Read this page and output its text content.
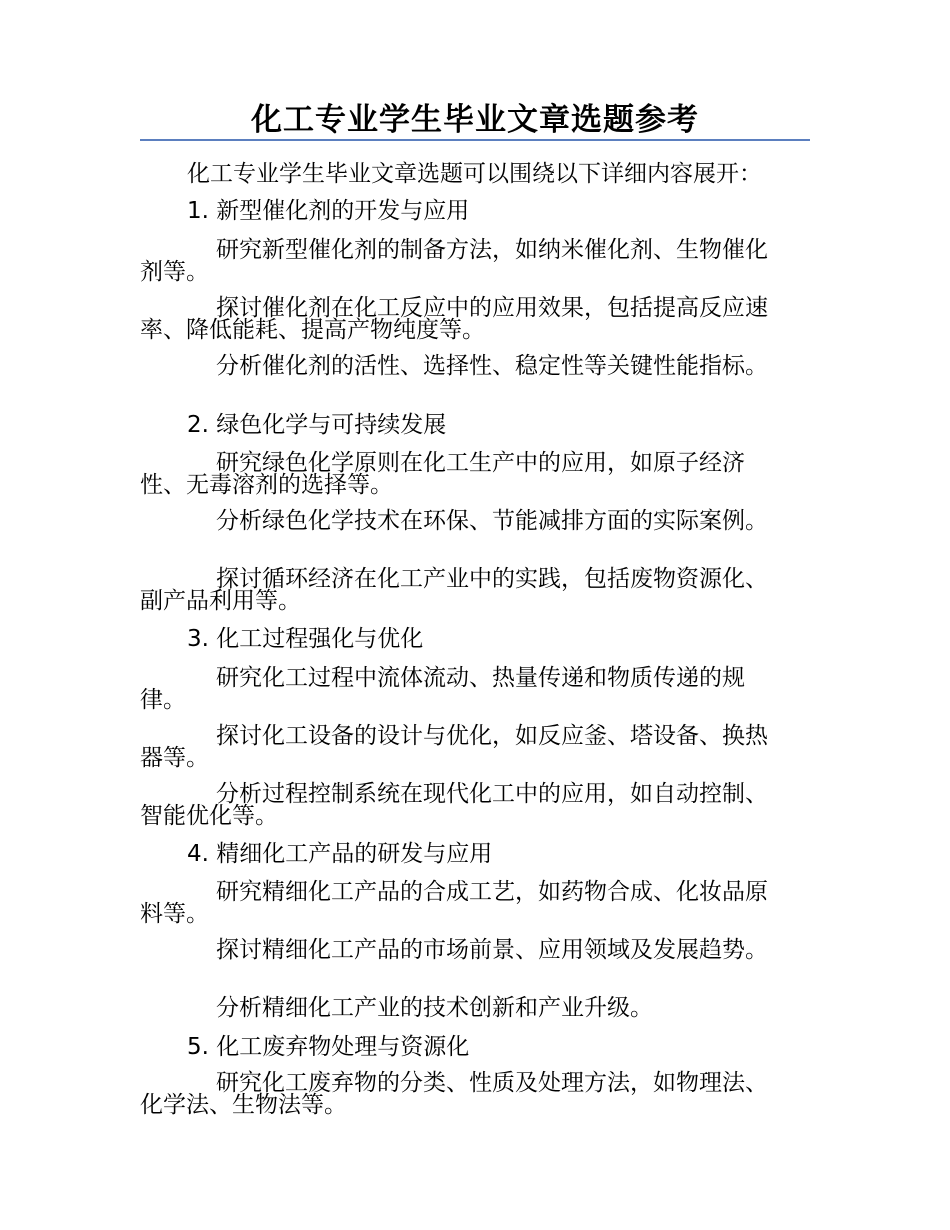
化工专业学生毕业文章选题参考
化工专业学生毕业文章选题可以围绕以下详细内容展开：
1. 新型催化剂的开发与应用
研究新型催化剂的制备方法，如纳米催化剂、生物催化剂等。
探讨催化剂在化工反应中的应用效果，包括提高反应速率、降低能耗、提高产物纯度等。
分析催化剂的活性、选择性、稳定性等关键性能指标。
2. 绿色化学与可持续发展
研究绿色化学原则在化工生产中的应用，如原子经济性、无毒溶剂的选择等。
分析绿色化学技术在环保、节能减排方面的实际案例。
探讨循环经济在化工产业中的实践，包括废物资源化、副产品利用等。
3. 化工过程强化与优化
研究化工过程中流体流动、热量传递和物质传递的规律。
探讨化工设备的设计与优化，如反应釜、塔设备、换热器等。
分析过程控制系统在现代化工中的应用，如自动控制、智能优化等。
4. 精细化工产品的研发与应用
研究精细化工产品的合成工艺，如药物合成、化妆品原料等。
探讨精细化工产品的市场前景、应用领域及发展趋势。
分析精细化工产业的技术创新和产业升级。
5. 化工废弃物处理与资源化
研究化工废弃物的分类、性质及处理方法，如物理法、化学法、生物法等。
